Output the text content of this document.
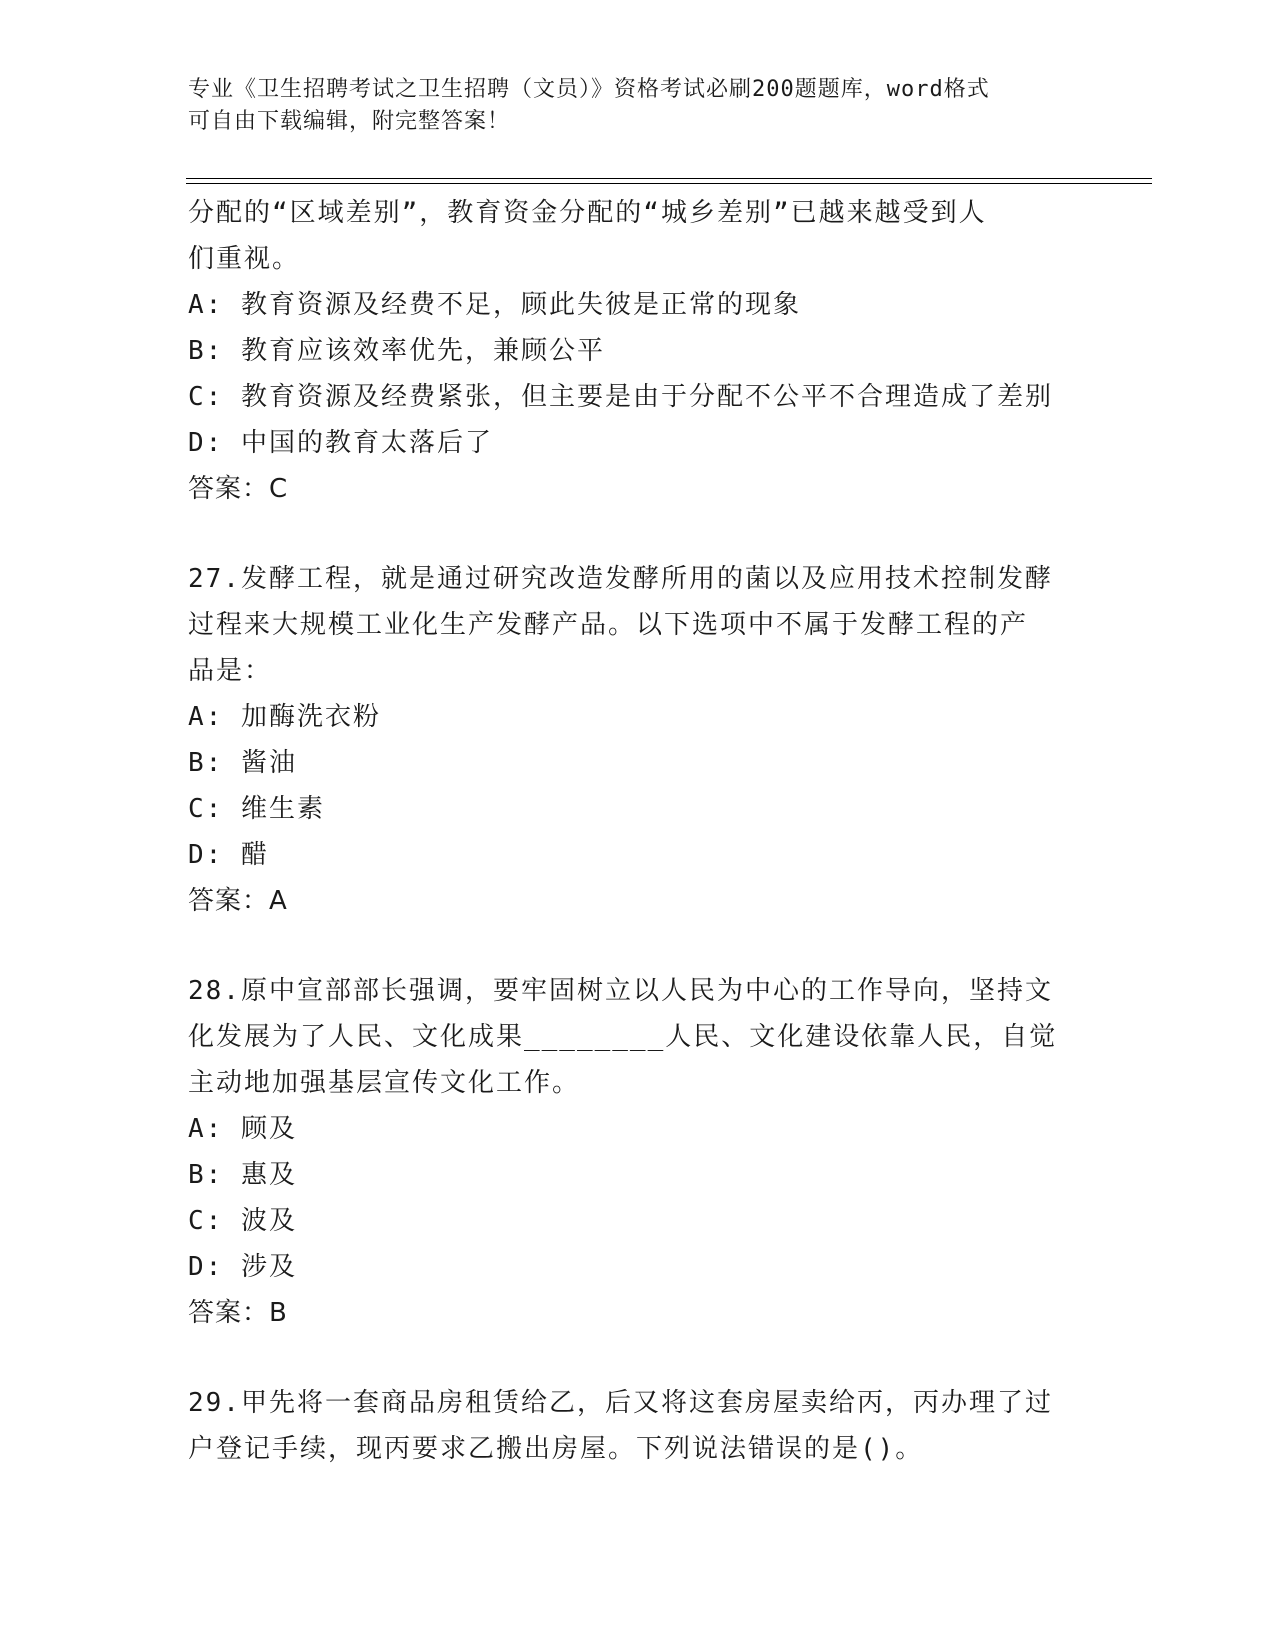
专业《卫生招聘考试之卫生招聘（文员）》资格考试必刷200题题库，word格式
可自由下载编辑，附完整答案！
分配的“区域差别”，教育资金分配的“城乡差别”已越来越受到人
们重视。
A: 教育资源及经费不足，顾此失彼是正常的现象
B: 教育应该效率优先，兼顾公平
C: 教育资源及经费紧张，但主要是由于分配不公平不合理造成了差别
D: 中国的教育太落后了
答案：C
27.发酵工程，就是通过研究改造发酵所用的菌以及应用技术控制发酵
过程来大规模工业化生产发酵产品。以下选项中不属于发酵工程的产
品是：
A: 加酶洗衣粉
B: 酱油
C: 维生素
D: 醋
答案：A
28.原中宣部部长强调，要牢固树立以人民为中心的工作导向，坚持文
化发展为了人民、文化成果________人民、文化建设依靠人民，自觉
主动地加强基层宣传文化工作。
A: 顾及
B: 惠及
C: 波及
D: 涉及
答案：B
29.甲先将一套商品房租赁给乙，后又将这套房屋卖给丙，丙办理了过
户登记手续，现丙要求乙搬出房屋。下列说法错误的是()。
